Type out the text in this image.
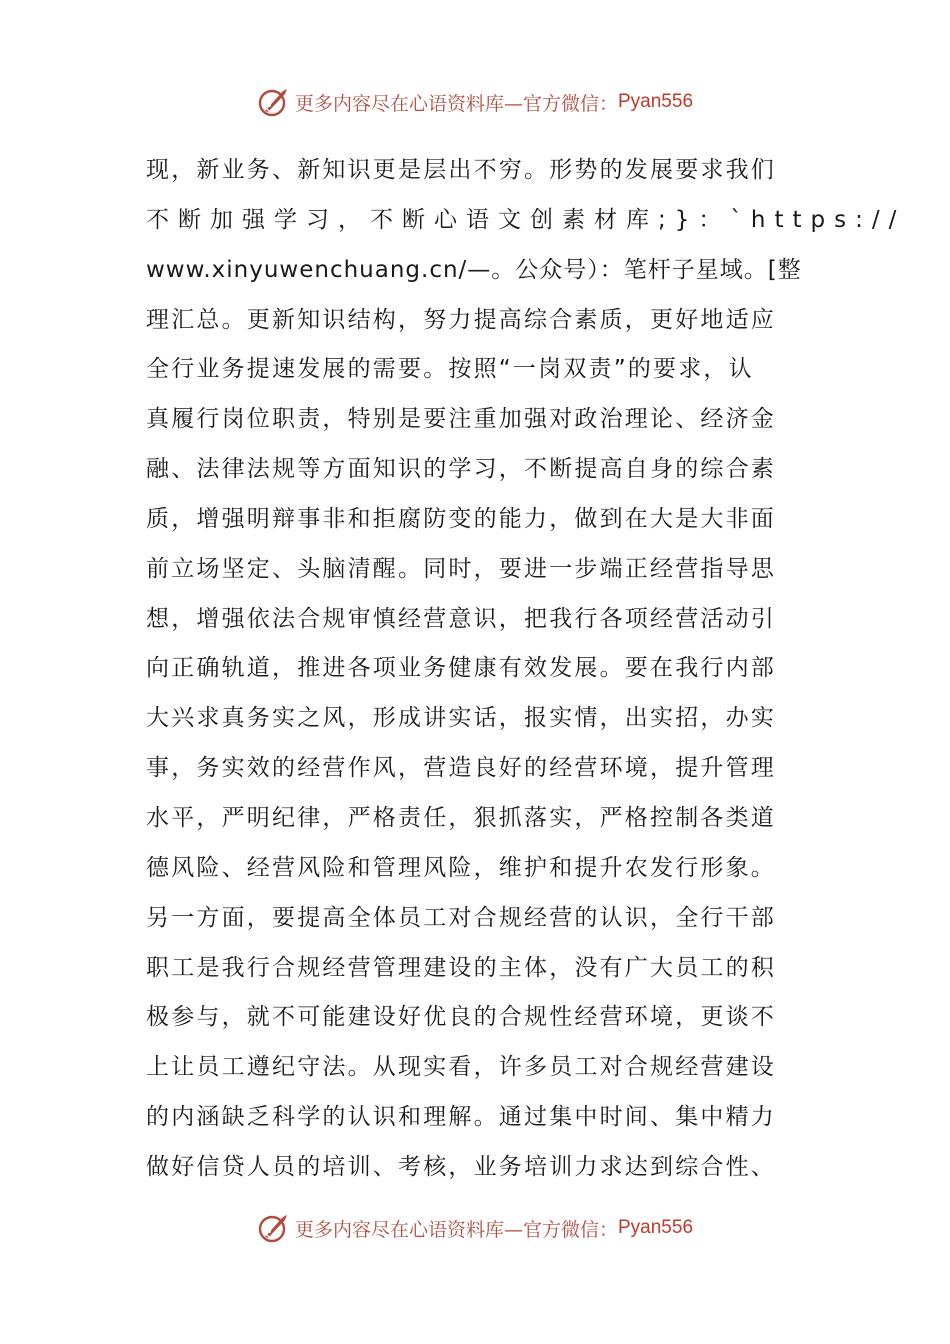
更多内容尽在心语资料库—官方微信： Pyan556
现，新业务、新知识更是层出不穷。形势的发展要求我们
不断加强学习，不断心语文创素材库;}：`https://
www.xinyuwenchuang.cn/—。公众号）：笔杆子星域。[整
理汇总。更新知识结构，努力提高综合素质，更好地适应
全行业务提速发展的需要。按照“一岗双责”的要求，认
真履行岗位职责，特别是要注重加强对政治理论、经济金
融、法律法规等方面知识的学习，不断提高自身的综合素
质，增强明辩事非和拒腐防变的能力，做到在大是大非面
前立场坚定、头脑清醒。同时，要进一步端正经营指导思
想，增强依法合规审慎经营意识，把我行各项经营活动引
向正确轨道，推进各项业务健康有效发展。要在我行内部
大兴求真务实之风，形成讲实话，报实情，出实招，办实
事，务实效的经营作风，营造良好的经营环境，提升管理
水平，严明纪律，严格责任，狠抓落实，严格控制各类道
德风险、经营风险和管理风险，维护和提升农发行形象。
另一方面，要提高全体员工对合规经营的认识，全行干部
职工是我行合规经营管理建设的主体，没有广大员工的积
极参与，就不可能建设好优良的合规性经营环境，更谈不
上让员工遵纪守法。从现实看，许多员工对合规经营建设
的内涵缺乏科学的认识和理解。通过集中时间、集中精力
做好信贷人员的培训、考核，业务培训力求达到综合性、
更多内容尽在心语资料库—官方微信： Pyan556
